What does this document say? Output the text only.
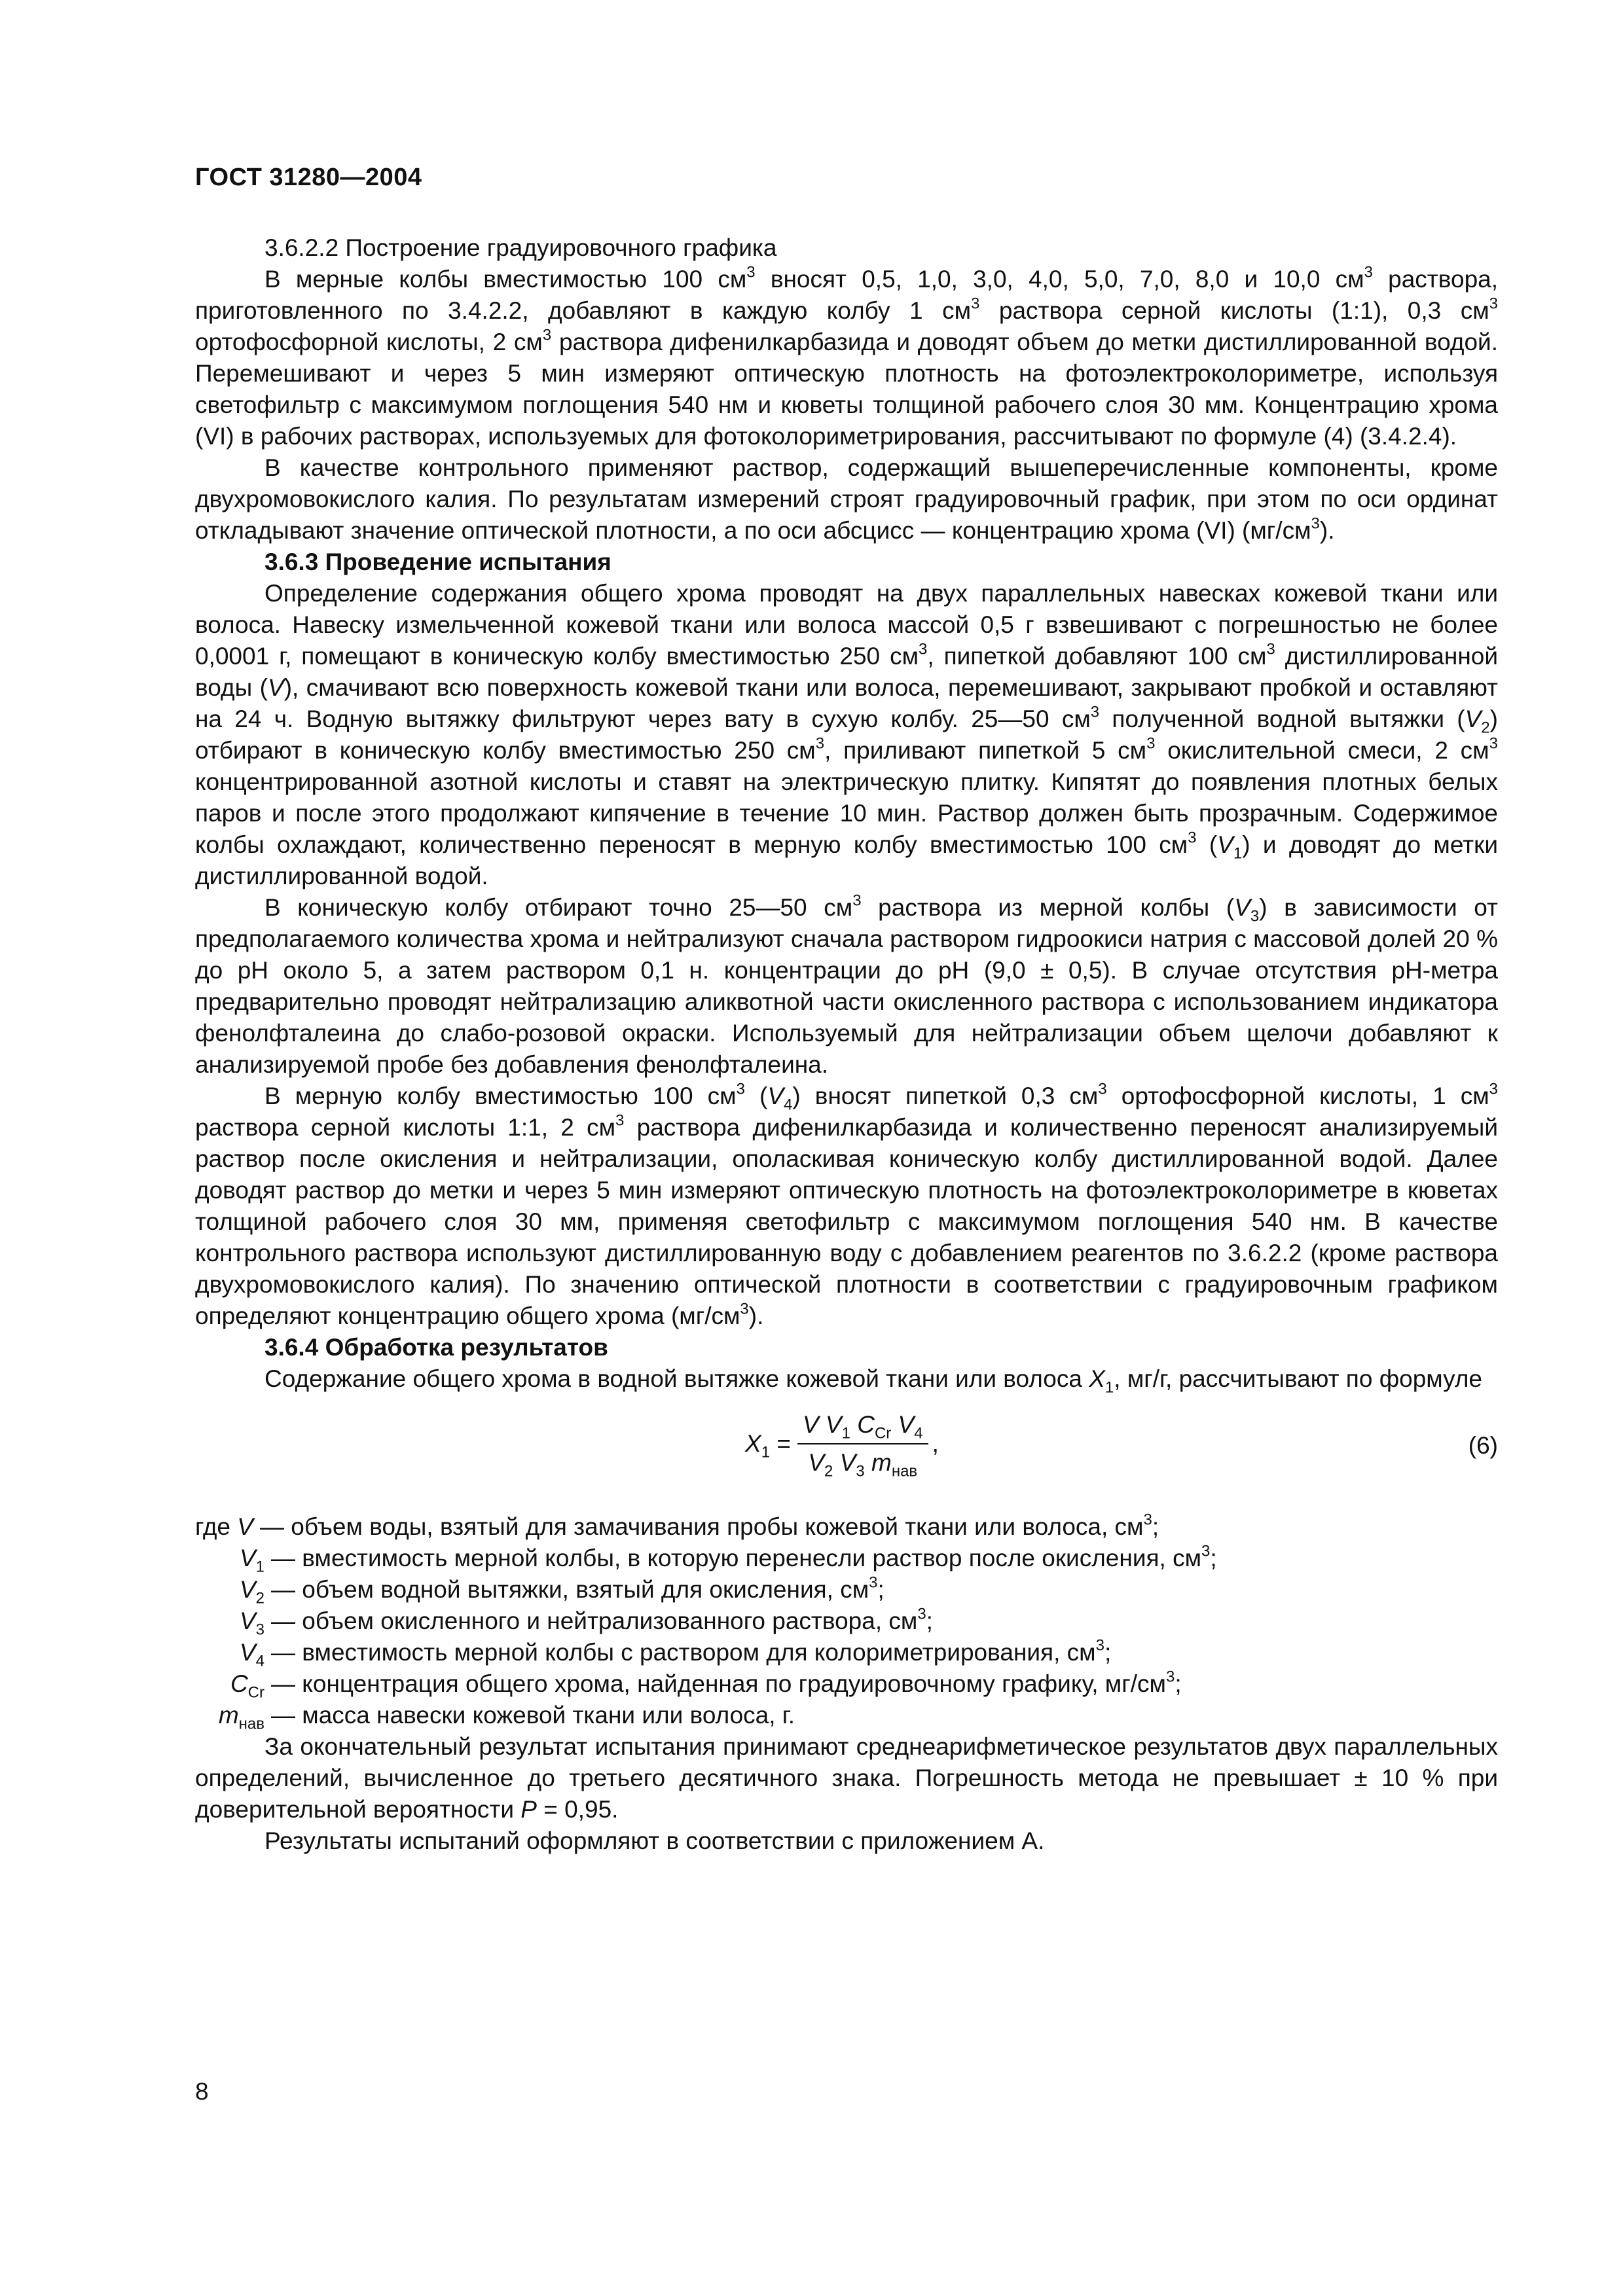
ГОСТ 31280—2004

3.6.2.2 Построение градуировочного графика

В мерные колбы вместимостью 100 $см^3$ вносят 0,5, 1,0, 3,0, 4,0, 5,0, 7,0, 8,0 и 10,0 $см^3$ раствора, приготовленного по 3.4.2.2, добавляют в каждую колбу 1 $см^3$ раствора серной кислоты (1:1), 0,3 $см^3$ ортофосфорной кислоты, 2 $см^3$ раствора дифенилкарбазида и доводят объем до метки дистиллированной водой. Перемешивают и через 5 мин измеряют оптическую плотность на фотоэлектроколориметре, используя светофильтр с максимумом поглощения 540 нм и кюветы толщиной рабочего слоя 30 мм. Концентрацию хрома (VI) в рабочих растворах, используемых для фотоколориметрирования, рассчитывают по формуле (4) (3.4.2.4).

В качестве контрольного применяют раствор, содержащий вышеперечисленные компоненты, кроме двухромовокислого калия. По результатам измерений строят градуировочный график, при этом по оси ординат откладывают значение оптической плотности, а по оси абсцисс — концентрацию хрома (VI) $(мг/см^3)$.

3.6.3 Проведение испытания

Определение содержания общего хрома проводят на двух параллельных навесках кожевой ткани или волоса. Навеску измельченной кожевой ткани или волоса массой 0,5 г взвешивают с погрешностью не более 0,0001 г, помещают в коническую колбу вместимостью 250 $см^3$, пипеткой добавляют 100 $см^3$ дистиллированной воды (V), смачивают всю поверхность кожевой ткани или волоса, перемешивают, закрывают пробкой и оставляют на 24 ч. Водную вытяжку фильтруют через вату в сухую колбу. 25—50 $см^3$ полученной водной вытяжки $(V_2)$ отбирают в коническую колбу вместимостью 250 $см^3$, приливают пипеткой 5 $см^3$ окислительной смеси, 2 $см^3$ концентрированной азотной кислоты и ставят на электрическую плитку. Кипятят до появления плотных белых паров и после этого продолжают кипячение в течение 10 мин. Раствор должен быть прозрачным. Содержимое колбы охлаждают, количественно переносят в мерную колбу вместимостью 100 $см^3$ $(V_1)$ и доводят до метки дистиллированной водой.

В коническую колбу отбирают точно 25—50 $см^3$ раствора из мерной колбы $(V_3)$ в зависимости от предполагаемого количества хрома и нейтрализуют сначала раствором гидроокиси натрия с массовой долей 20 % до pH около 5, а затем раствором 0,1 н. концентрации до pH (9,0 ± 0,5). В случае отсутствия pH-метра предварительно проводят нейтрализацию аликвотной части окисленного раствора с использованием индикатора фенолфталеина до слабо-розовой окраски. Используемый для нейтрализации объем щелочи добавляют к анализируемой пробе без добавления фенолфталеина.

В мерную колбу вместимостью 100 $см^3$ $(V_4)$ вносят пипеткой 0,3 $см^3$ ортофосфорной кислоты, 1 $см^3$ раствора серной кислоты 1:1, 2 $см^3$ раствора дифенилкарбазида и количественно переносят анализируемый раствор после окисления и нейтрализации, ополаскивая коническую колбу дистиллированной водой. Далее доводят раствор до метки и через 5 мин измеряют оптическую плотность на фотоэлектроколориметре в кюветах толщиной рабочего слоя 30 мм, применяя светофильтр с максимумом поглощения 540 нм. В качестве контрольного раствора используют дистиллированную воду с добавлением реагентов по 3.6.2.2 (кроме раствора двухромовокислого калия). По значению оптической плотности в соответствии с градуировочным графиком определяют концентрацию общего хрома $(мг/см^3)$.

3.6.4 Обработка результатов

Содержание общего хрома в водной вытяжке кожевой ткани или волоса $X_1$, мг/г, рассчитывают по формуле

$X_1 = \frac{V V_1 C_{Cr} V_4}{V_2 V_3 m_{нав}}$ ,	(6)
где V — объем воды, взятый для замачивания пробы кожевой ткани или волоса, $см^3$;
$V_1$ — вместимость мерной колбы, в которую перенесли раствор после окисления, $см^3$;
$V_2$ — объем водной вытяжки, взятый для окисления, $см^3$;
$V_3$ — объем окисленного и нейтрализованного раствора, $см^3$;
$V_4$ — вместимость мерной колбы с раствором для колориметрирования, $см^3$;
$C_{Cr}$ — концентрация общего хрома, найденная по градуировочному графику, $мг/см^3$;
$m_{нав}$ — масса навески кожевой ткани или волоса, г.

За окончательный результат испытания принимают среднеарифметическое результатов двух параллельных определений, вычисленное до третьего десятичного знака. Погрешность метода не превышает ± 10 % при доверительной вероятности P = 0,95.

Результаты испытаний оформляют в соответствии с приложением А.

8
